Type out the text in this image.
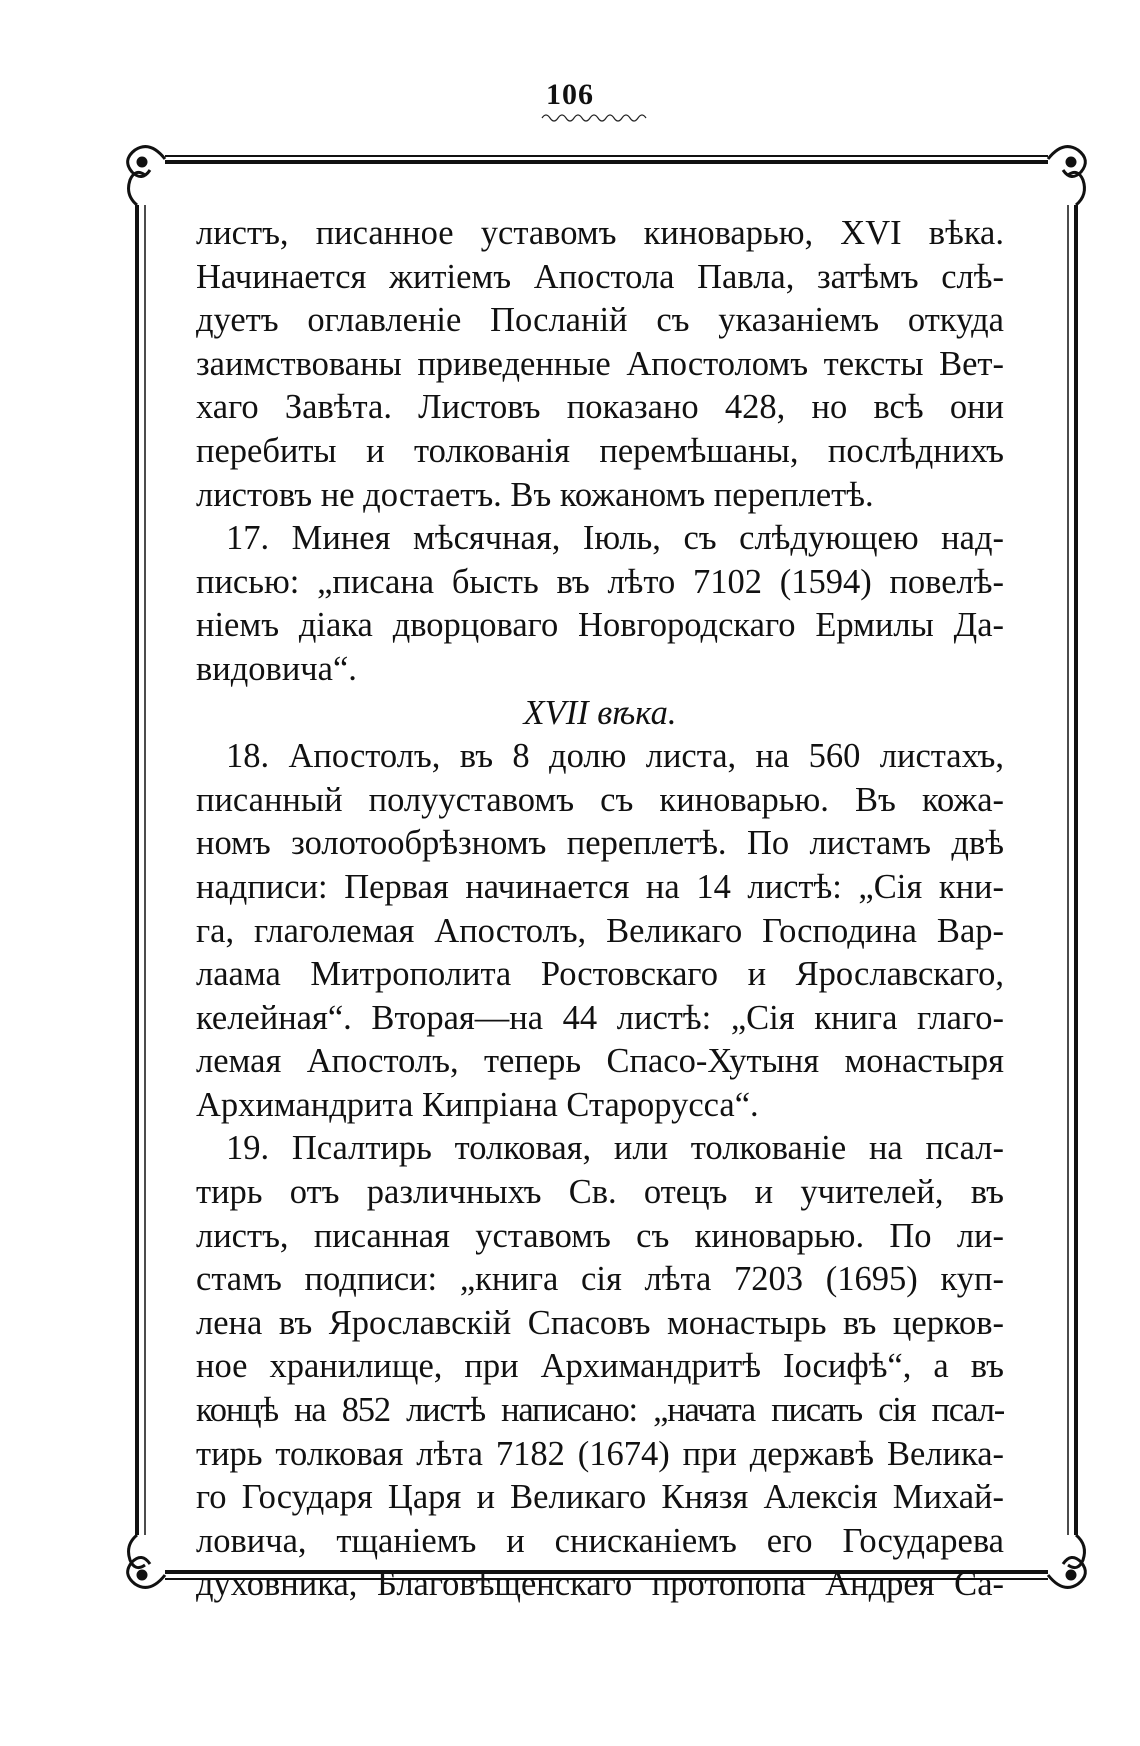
106
листъ, писанное уставомъ киноварью, XVI вѣка.
Начинается житіемъ Апостола Павла, затѣмъ слѣ-
дуетъ оглавленіе Посланій съ указаніемъ откуда
заимствованы приведенные Апостоломъ тексты Вет-
хаго Завѣта. Листовъ показано 428, но всѣ они
перебиты и толкованія перемѣшаны, послѣднихъ
листовъ не достаетъ. Въ кожаномъ переплетѣ.
17. Минея мѣсячная, Іюль, съ слѣдующею над-
писью: „писана бысть въ лѣто 7102 (1594) повелѣ-
ніемъ діака дворцоваго Новгородскаго Ермилы Да-
видовича“.
XVII вѣка.
18. Апостолъ, въ 8 долю листа, на 560 листахъ,
писанный полууставомъ съ киноварью. Въ кожа-
номъ золотообрѣзномъ переплетѣ. По листамъ двѣ
надписи: Первая начинается на 14 листѣ: „Сія кни-
га, глаголемая Апостолъ, Великаго Господина Вар-
лаама Митрополита Ростовскаго и Ярославскаго,
келейная“. Вторая—на 44 листѣ: „Сія книга глаго-
лемая Апостолъ, теперь Спасо-Хутыня монастыря
Архимандрита Кипріана Старорусса“.
19. Псалтирь толковая, или толкованіе на псал-
тирь отъ различныхъ Св. отецъ и учителей, въ
листъ, писанная уставомъ съ киноварью. По ли-
стамъ подписи: „книга сія лѣта 7203 (1695) куп-
лена въ Ярославскій Спасовъ монастырь въ церков-
ное хранилище, при Архимандритѣ Іосифѣ“, а въ
концѣ на 852 листѣ написано: „начата писать сія псал-
тирь толковая лѣта 7182 (1674) при державѣ Велика-
го Государя Царя и Великаго Князя Алексія Михай-
ловича, тщаніемъ и снисканіемъ его Государева
духовника, Благовѣщенскаго протопопа Андрея Са-
